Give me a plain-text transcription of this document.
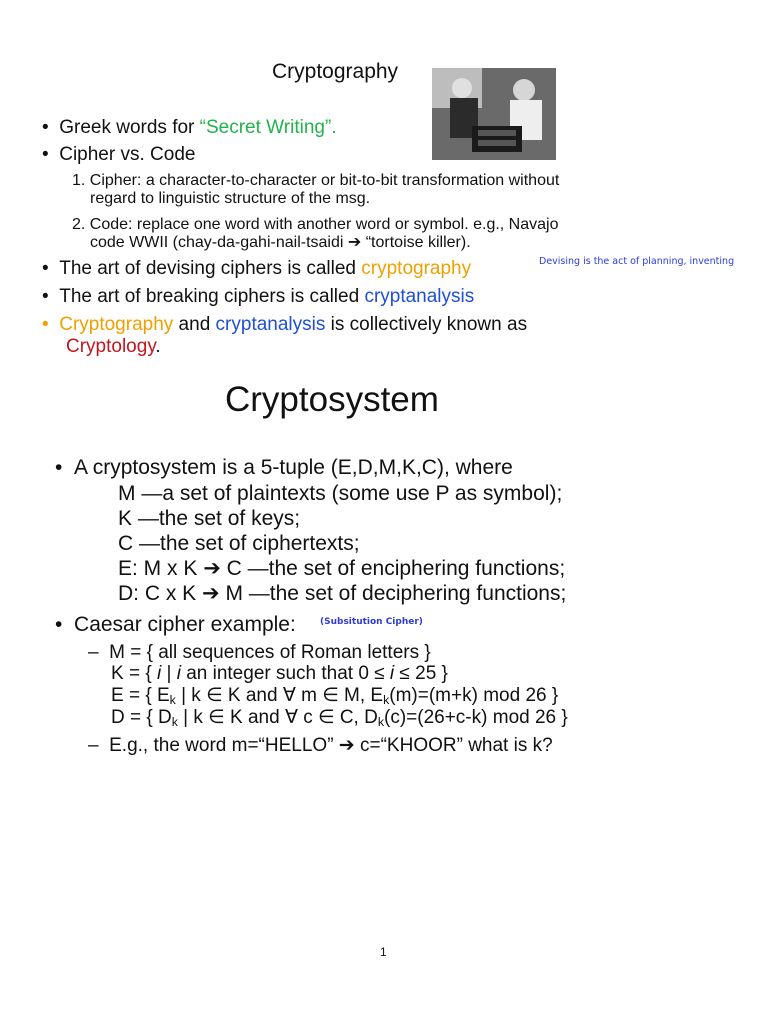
Cryptography
•  Greek words for “Secret Writing”.
•  Cipher vs. Code
1. Cipher: a character-to-character or bit-to-bit transformation without
regard to linguistic structure of the msg.
2. Code: replace one word with another word or symbol. e.g., Navajo
code WWII (chay-da-gahi-nail-tsaidi ➔ “tortoise killer).
•  The art of devising ciphers is called cryptography	Devising is the act of planning, inventing
•  The art of breaking ciphers is called cryptanalysis
• Cryptography and cryptanalysis is collectively known as
Cryptology.
Cryptosystem
•  A cryptosystem is a 5-tuple (E,D,M,K,C), where
M —a set of plaintexts (some use P as symbol);
K —the set of keys;
C —the set of ciphertexts;
E: M x K ➔ C —the set of enciphering functions;
D: C x K ➔ M —the set of deciphering functions;
•  Caesar cipher example:	(Subsitution Cipher)
–  M = { all sequences of Roman letters }
K = { i | i an integer such that 0 ≤ i ≤ 25 }
E = { $E_k$ | k ∈ K and ∀ m ∈ M, $E_k(m)=(m+k)$ mod 26 }
D = { $D_k$ | k ∈ K and ∀ c ∈ C, $D_k(c)=(26+c-k)$ mod 26 }
–  E.g., the word m=“HELLO” ➔ c=“KHOOR” what is k?
1
